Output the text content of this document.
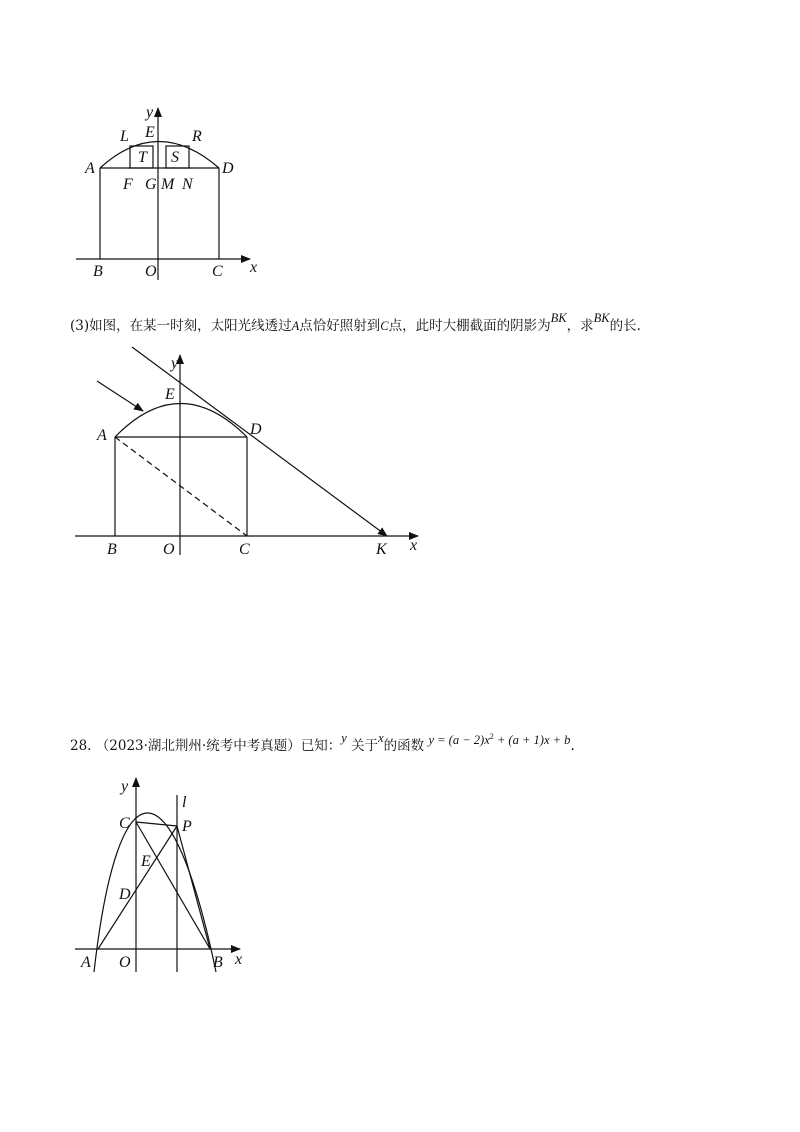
y
L E R
A
T S
D
F G M N
B	O	C x
y
E
A	D
B	O	C	K x
y
l
C	P
E
D
A O	B x
(3)如图，在某一时刻，太阳光线透过A点恰好照射到C点，此时大棚截面的阴影为BK，求BK的长.
28. （2023·湖北荆州·统考中考真题）已知：y 关于x的函数 $y = (a - 2)x^2 + (a + 1)x + b$.
